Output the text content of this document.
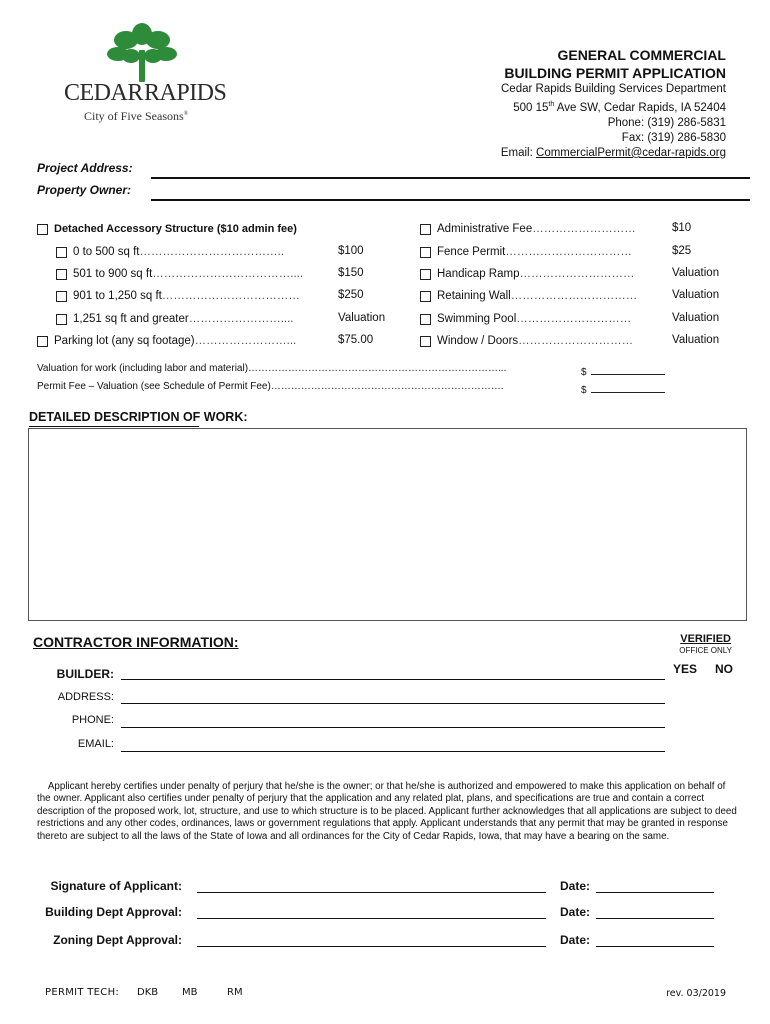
CEDAR RAPIDS
City of Five Seasons®
GENERAL COMMERCIAL
BUILDING PERMIT APPLICATION
Cedar Rapids Building Services Department
500 15th Ave SW, Cedar Rapids, IA 52404
Phone: (319) 286-5831
Fax: (319) 286-5830
Email: CommercialPermit@cedar-rapids.org
Project Address:
Property Owner:
Detached Accessory Structure ($10 admin fee)
0 to 500 sq ft ………………………………..	$100
501 to 900 sq ft ………………………………....	$150
901 to 1,250 sq ft ………………………………	$250
1,251 sq ft and greater ……………………....	Valuation
Parking lot (any sq footage) ……………………...	$75.00
Administrative Fee ………………………	$10
Fence Permit ……………………………	$25
Handicap Ramp …………………………	Valuation
Retaining Wall ……………………………	Valuation
Swimming Pool …………………………	Valuation
Window / Doors …………………………	Valuation
Valuation for work (including labor and material)…………………………………………………………………...	$
Permit Fee – Valuation (see Schedule of Permit Fee)…………………………………………………………….	$
DETAILED DESCRIPTION OF WORK:
CONTRACTOR INFORMATION:	VERIFIED
OFFICE ONLY
YES NO
BUILDER:
ADDRESS:
PHONE:
EMAIL:
Applicant hereby certifies under penalty of perjury that he/she is the owner; or that he/she is authorized and empowered to make this application on behalf of the owner. Applicant also certifies under penalty of perjury that the application and any related plat, plans, and specifications are true and contain a correct description of the proposed work, lot, structure, and use to which structure is to be placed. Applicant further acknowledges that all applications are subject to deed restrictions and any other codes, ordinances, laws or government regulations that apply. Applicant understands that any permit that may be granted in response thereto are subject to all the laws of the State of Iowa and all ordinances for the City of Cedar Rapids, Iowa, that may have a bearing on the same.
Signature of Applicant:	Date:
Building Dept Approval:	Date:
Zoning Dept Approval:	Date:
PERMIT TECH: DKB MB	RM	rev. 03/2019
